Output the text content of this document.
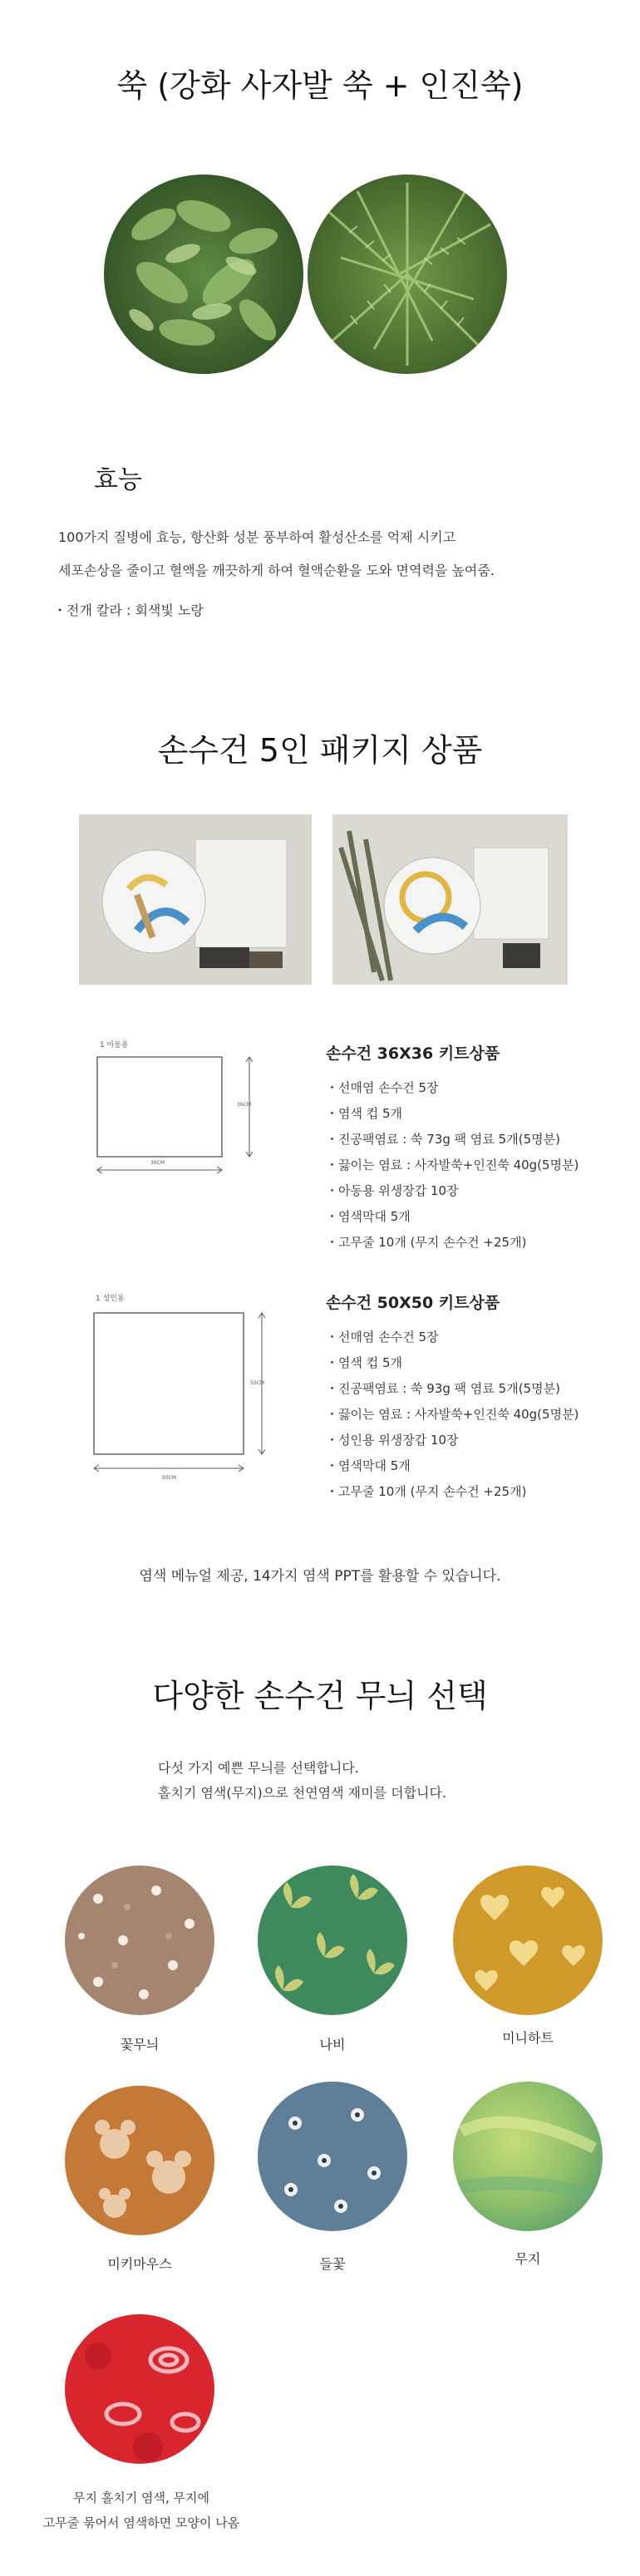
쑥 (강화 사자발 쑥 + 인진쑥)
효능
100가지 질병에 효능, 항산화 성분 풍부하여 활성산소를 억제 시키고
세포손상을 줄이고 혈액을 깨끗하게 하여 혈액순환을 도와 면역력을 높여줌.
・전개 칼라 : 회색빛 노랑
손수건 5인 패키지 상품
1 아동용
36CM
36CM
손수건 36X36 키트상품
・선매염 손수건 5장
・염색 컵 5개
・진공팩염료 : 쑥 73g 팩 염료 5개(5명분)
・끓이는 염료 : 사자발쑥+인진쑥 40g(5명분)
・아동용 위생장갑 10장
・염색막대 5개
・고무줄 10개 (무지 손수건 +25개)
1 성인용
50CM
50CM
손수건 50X50 키트상품
・선매염 손수건 5장
・염색 컵 5개
・진공팩염료 : 쑥 93g 팩 염료 5개(5명분)
・끓이는 염료 : 사자발쑥+인진쑥 40g(5명분)
・성인용 위생장갑 10장
・염색막대 5개
・고무줄 10개 (무지 손수건 +25개)
염색 메뉴얼 제공, 14가지 염색 PPT를 활용할 수 있습니다.
다양한 손수건 무늬 선택
다섯 가지 예쁜 무늬를 선택합니다.
홀치기 염색(무지)으로 천연염색 재미를 더합니다.
꽃무늬	나비	미니하트
미키마우스	들꽃	무지
무지 홀치기 염색, 무지에
고무줄 묶어서 염색하면 모양이 나옴
